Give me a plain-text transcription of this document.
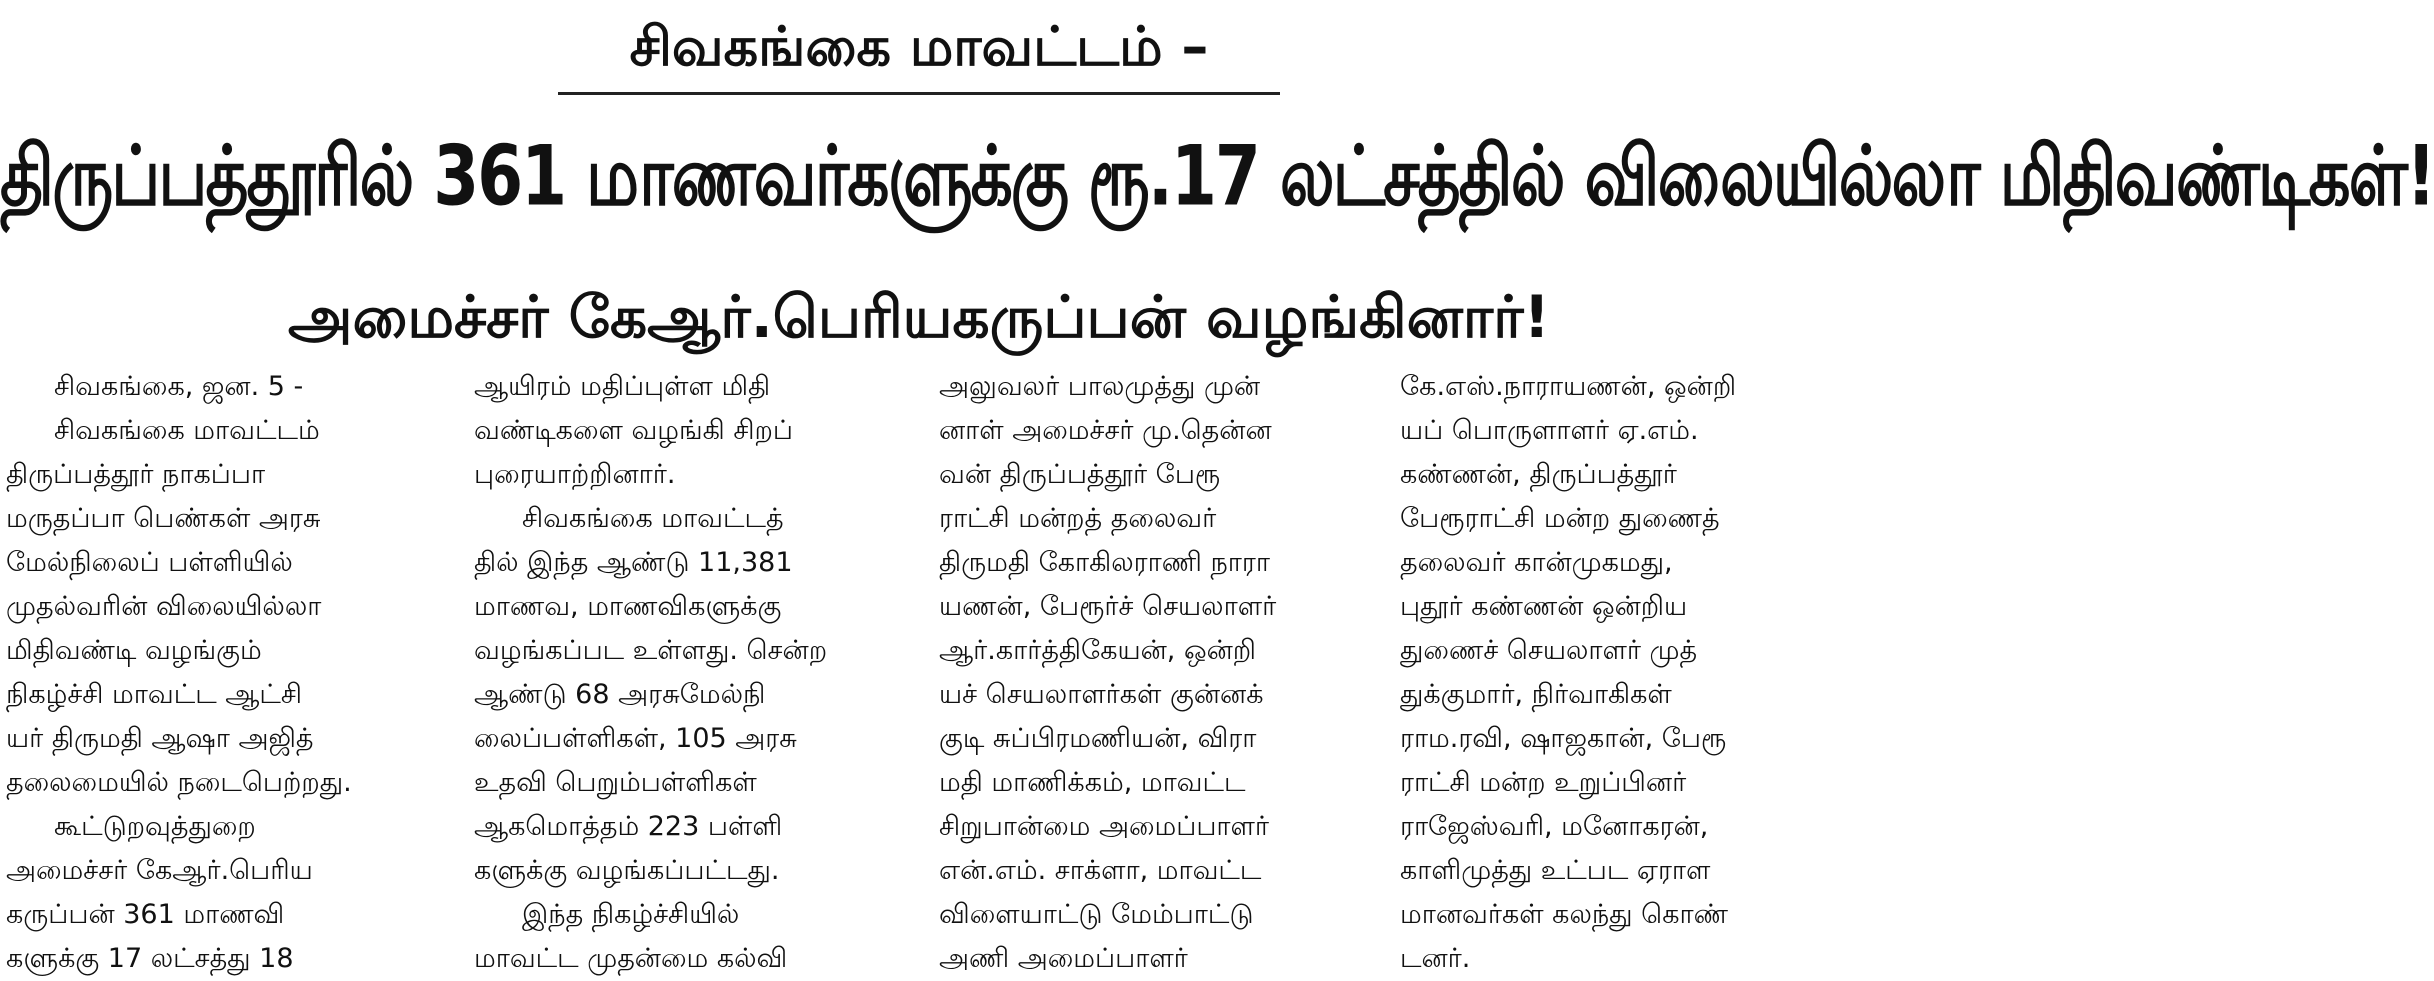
சிவகங்கை மாவட்டம் –
திருப்பத்தூரில் 361 மாணவர்களுக்கு ரூ.17 லட்சத்தில் விலையில்லா மிதிவண்டிகள்!
அமைச்சர் கேஆர்.பெரியகருப்பன் வழங்கினார்!

சிவகங்கை, ஜன. 5 -

சிவகங்கை மாவட்டம்

திருப்பத்தூர் நாகப்பா

மருதப்பா பெண்கள் அரசு

மேல்நிலைப் பள்ளியில்

முதல்வரின் விலையில்லா

மிதிவண்டி வழங்கும்

நிகழ்ச்சி மாவட்ட ஆட்சி

யர் திருமதி ஆஷா அஜித்

தலைமையில் நடைபெற்றது.

கூட்டுறவுத்துறை

அமைச்சர் கேஆர்.பெரிய

கருப்பன் 361 மாணவி

களுக்கு 17 லட்சத்து 18

ஆயிரம் மதிப்புள்ள மிதி

வண்டிகளை வழங்கி சிறப்

புரையாற்றினார்.

சிவகங்கை மாவட்டத்

தில் இந்த ஆண்டு 11,381

மாணவ, மாணவிகளுக்கு

வழங்கப்பட உள்ளது. சென்ற

ஆண்டு 68 அரசுமேல்நி

லைப்பள்ளிகள், 105 அரசு

உதவி பெறும்பள்ளிகள்

ஆகமொத்தம் 223 பள்ளி

களுக்கு வழங்கப்பட்டது.

இந்த நிகழ்ச்சியில்

மாவட்ட முதன்மை கல்வி

அலுவலர் பாலமுத்து முன்

னாள் அமைச்சர் மு.தென்ன

வன் திருப்பத்தூர் பேரூ

ராட்சி மன்றத் தலைவர்

திருமதி கோகிலராணி நாரா

யணன், பேரூர்ச் செயலாளர்

ஆர்.கார்த்திகேயன், ஒன்றி

யச் செயலாளர்கள் குன்னக்

குடி சுப்பிரமணியன், விரா

மதி மாணிக்கம், மாவட்ட

சிறுபான்மை அமைப்பாளர்

என்.எம். சாக்ளா, மாவட்ட

விளையாட்டு மேம்பாட்டு

அணி அமைப்பாளர்

கே.எஸ்.நாராயணன், ஒன்றி

யப் பொருளாளர் ஏ.எம்.

கண்ணன், திருப்பத்தூர்

பேரூராட்சி மன்ற துணைத்

தலைவர் கான்முகமது,

புதூர் கண்ணன் ஒன்றிய

துணைச் செயலாளர் முத்

துக்குமார், நிர்வாகிகள்

ராம.ரவி, ஷாஜகான், பேரூ

ராட்சி மன்ற உறுப்பினர்

ராஜேஸ்வரி, மனோகரன்,

காளிமுத்து உட்பட ஏராள

மானவர்கள் கலந்து கொண்

டனர்.
